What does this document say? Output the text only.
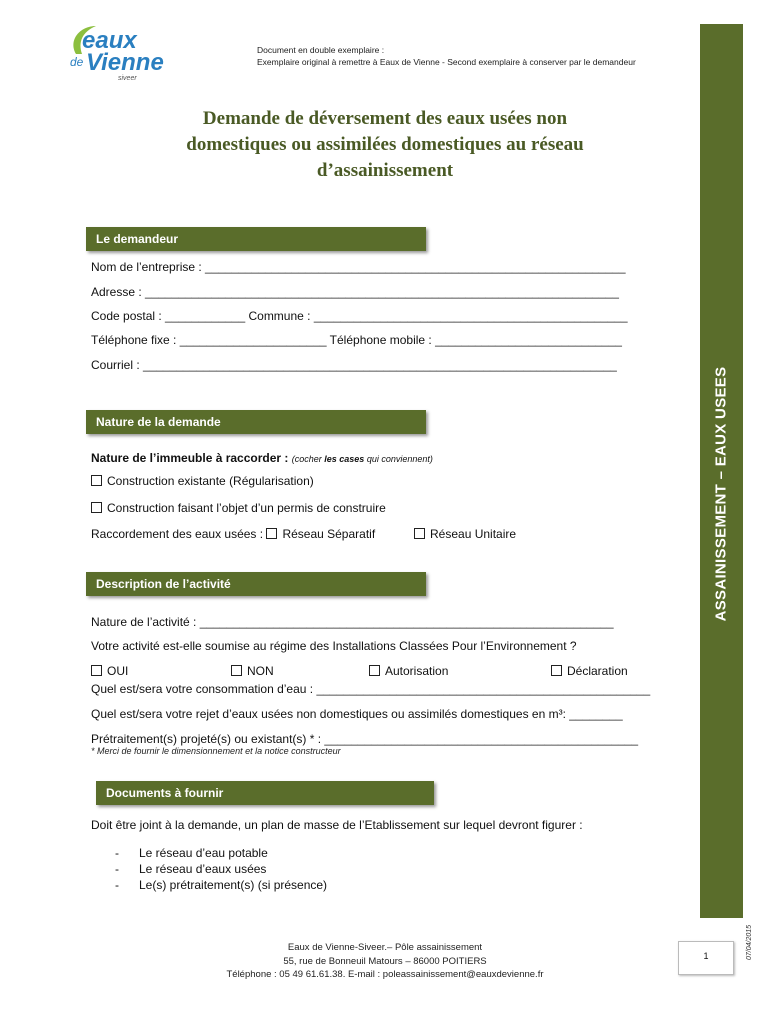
eaux
de Vienne
siveer
Document en double exemplaire :
Exemplaire original à remettre à Eaux de Vienne - Second exemplaire à conserver par le demandeur
Demande de déversement des eaux usées non
domestiques ou assimilées domestiques au réseau
d’assainissement
Le demandeur
Nom de l’entreprise : _______________________________________________________________
Adresse : _______________________________________________________________________
Code postal : ____________ Commune : _______________________________________________
Téléphone fixe : ______________________ Téléphone mobile : ____________________________
Courriel : _______________________________________________________________________
Nature de la demande
Nature de l’immeuble à raccorder : (cocher les cases qui conviennent)
Construction existante (Régularisation)
Construction faisant l’objet d’un permis de construire
Raccordement des eaux usées : Réseau Séparatif	Réseau Unitaire
Description de l’activité
Nature de l’activité : ______________________________________________________________
Votre activité est-elle soumise au régime des Installations Classées Pour l’Environnement ?
OUI	NON	Autorisation	Déclaration
Quel est/sera votre consommation d’eau : __________________________________________________
Quel est/sera votre rejet d’eaux usées non domestiques ou assimilés domestiques en m³: ________
Prétraitement(s) projeté(s) ou existant(s) * : _______________________________________________
* Merci de fournir le dimensionnement et la notice constructeur
Documents à fournir
Doit être joint à la demande, un plan de masse de l’Etablissement sur lequel devront figurer :
- Le réseau d’eau potable
- Le réseau d’eaux usées
- Le(s) prétraitement(s) (si présence)
ASSAINISSEMENT – EAUX USEES
Eaux de Vienne-Siveer.– Pôle assainissement
55, rue de Bonneuil Matours – 86000 POITIERS
Téléphone : 05 49 61.61.38. E-mail : poleassainissement@eauxdevienne.fr
1	07/04/2015
